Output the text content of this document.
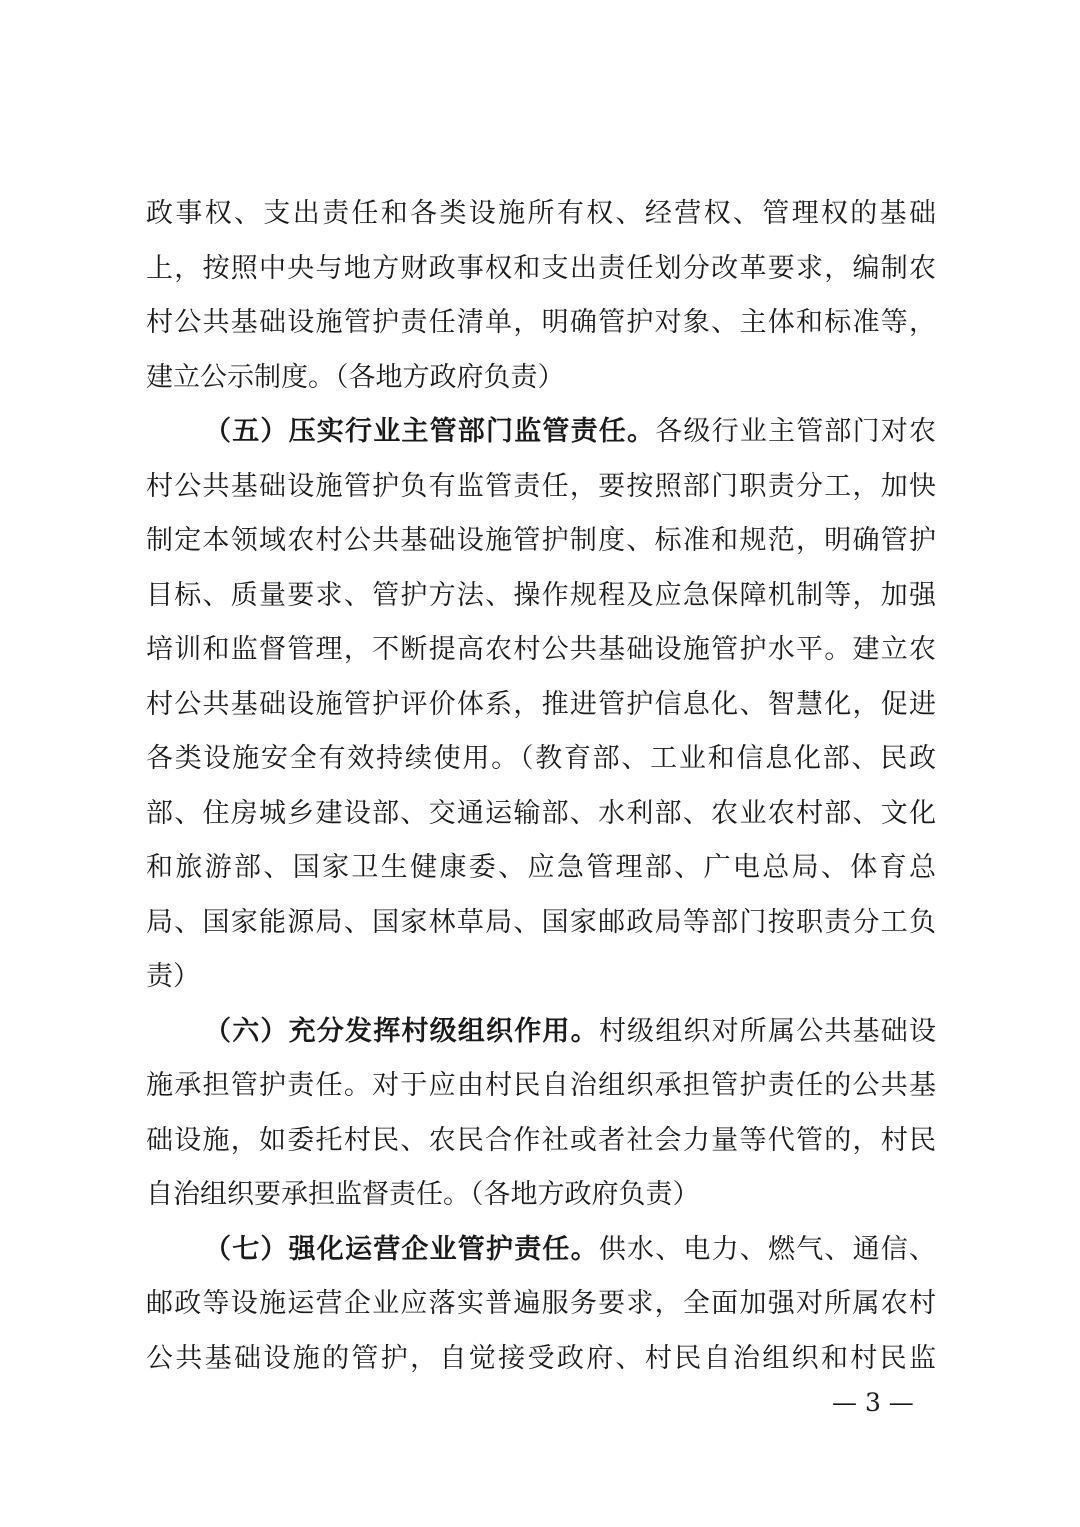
政事权、支出责任和各类设施所有权、经营权、管理权的基础
上，按照中央与地方财政事权和支出责任划分改革要求，编制农
村公共基础设施管护责任清单，明确管护对象、主体和标准等，
建立公示制度。（各地方政府负责）
（五）压实行业主管部门监管责任。各级行业主管部门对农
村公共基础设施管护负有监管责任，要按照部门职责分工，加快
制定本领域农村公共基础设施管护制度、标准和规范，明确管护
目标、质量要求、管护方法、操作规程及应急保障机制等，加强
培训和监督管理，不断提高农村公共基础设施管护水平。建立农
村公共基础设施管护评价体系，推进管护信息化、智慧化，促进
各类设施安全有效持续使用。（教育部、工业和信息化部、民政
部、住房城乡建设部、交通运输部、水利部、农业农村部、文化
和旅游部、国家卫生健康委、应急管理部、广电总局、体育总
局、国家能源局、国家林草局、国家邮政局等部门按职责分工负
责）
（六）充分发挥村级组织作用。村级组织对所属公共基础设
施承担管护责任。对于应由村民自治组织承担管护责任的公共基
础设施，如委托村民、农民合作社或者社会力量等代管的，村民
自治组织要承担监督责任。（各地方政府负责）
（七）强化运营企业管护责任。供水、电力、燃气、通信、
邮政等设施运营企业应落实普遍服务要求，全面加强对所属农村
公共基础设施的管护，自觉接受政府、村民自治组织和村民监
— 3 —
